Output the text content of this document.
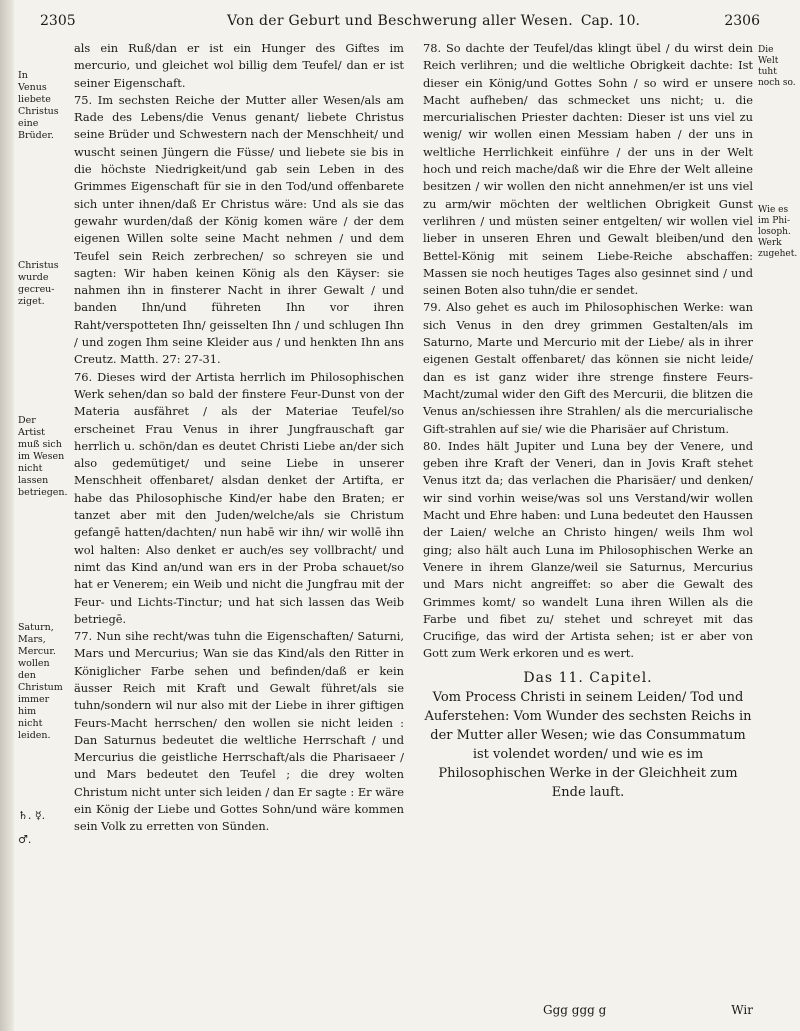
2305	Von der Geburt und Beschwerung aller Wesen. Cap. 10.	2306
In
Venus
liebete
Christus
eine
Brüder.
Christus
wurde
gecreu-
ziget.
Der
Artist
muß sich
im Wesen
nicht
lassen
betriegen.
Saturn,
Mars,
Mercur.
wollen
den
Christum
immer
him
nicht
leiden.
♄. ☿.

♂.
Die
Welt
tuht
noch so.
Wie es
im Phi-
losoph.
Werk
zugehet.

als ein Ruß/dan er ist ein Hunger des Giftes im mercurio, und gleichet wol billig dem Teufel/ dan er ist seiner Eigenschaft.

75. Im sechsten Reiche der Mutter aller Wesen/als am Rade des Lebens/die Venus genant/ liebete Christus seine Brüder und Schwestern nach der Menschheit/ und wuscht seinen Jüngern die Füsse/ und liebete sie bis in die höchste Niedrigkeit/und gab sein Leben in des Grimmes Eigenschaft für sie in den Tod/und offenbarete sich unter ihnen/daß Er Christus wäre: Und als sie das gewahr wurden/daß der König komen wäre / der dem eigenen Willen solte seine Macht nehmen / und dem Teufel sein Reich zerbrechen/ so schreyen sie und sagten: Wir haben keinen König als den Käyser: sie nahmen ihn in finsterer Nacht in ihrer Gewalt / und banden Ihn/und führeten Ihn vor ihren Raht/verspotteten Ihn/ geisselten Ihn / und schlugen Ihn / und zogen Ihm seine Kleider aus / und henkten Ihn ans Creutz. Matth. 27: 27-31.

76. Dieses wird der Artista herrlich im Philosophischen Werk sehen/dan so bald der finstere Feur-Dunst von der Materia ausfähret / als der Materiae Teufel/so erscheinet Frau Venus in ihrer Jungfrauschaft gar herrlich u. schön/dan es deutet Christi Liebe an/der sich also gedemütiget/ und seine Liebe in unserer Menschheit offenbaret/ alsdan denket der Artifta, er habe das Philosophische Kind/er habe den Braten; er tanzet aber mit den Juden/welche/als sie Christum gefangē hatten/dachten/ nun habē wir ihn/ wir wollē ihn wol halten: Also denket er auch/es sey vollbracht/ und nimt das Kind an/und wan ers in der Proba schauet/so hat er Venerem; ein Weib und nicht die Jungfrau mit der Feur- und Lichts-Tinctur; und hat sich lassen das Weib betriegē.

77. Nun sihe recht/was tuhn die Eigenschaften/ Saturni, Mars und Mercurius; Wan sie das Kind/als den Ritter in Königlicher Farbe sehen und befinden/daß er kein äusser Reich mit Kraft und Gewalt führet/als sie tuhn/sondern wil nur also mit der Liebe in ihrer giftigen Feurs-Macht herrschen/ den wollen sie nicht leiden : Dan Saturnus bedeutet die weltliche Herrschaft / und Mercurius die geistliche Herrschaft/als die Pharisaeer / und Mars bedeutet den Teufel ; die drey wolten Christum nicht unter sich leiden / dan Er sagte : Er wäre ein König der Liebe und Gottes Sohn/und wäre kommen sein Volk zu erretten von Sünden.

78. So dachte der Teufel/das klingt übel / du wirst dein Reich verlihren; und die weltliche Obrigkeit dachte: Ist dieser ein König/und Gottes Sohn / so wird er unsere Macht aufheben/ das schmecket uns nicht; u. die mercurialischen Priester dachten: Dieser ist uns viel zu wenig/ wir wollen einen Messiam haben / der uns in weltliche Herrlichkeit einführe / der uns in der Welt hoch und reich mache/daß wir die Ehre der Welt alleine besitzen / wir wollen den nicht annehmen/er ist uns viel zu arm/wir möchten der weltlichen Obrigkeit Gunst verlihren / und müsten seiner entgelten/ wir wollen viel lieber in unseren Ehren und Gewalt bleiben/und den Bettel-König mit seinem Liebe-Reiche abschaffen: Massen sie noch heutiges Tages also gesinnet sind / und seinen Boten also tuhn/die er sendet.

79. Also gehet es auch im Philosophischen Werke: wan sich Venus in den drey grimmen Gestalten/als im Saturno, Marte und Mercurio mit der Liebe/ als in ihrer eigenen Gestalt offenbaret/ das können sie nicht leide/ dan es ist ganz wider ihre strenge finstere Feurs-Macht/zumal wider den Gift des Mercurii, die blitzen die Venus an/schiessen ihre Strahlen/ als die mercurialische Gift-strahlen auf sie/ wie die Pharisäer auf Christum.

80. Indes hält Jupiter und Luna bey der Venere, und geben ihre Kraft der Veneri, dan in Jovis Kraft stehet Venus itzt da; das verlachen die Pharisäer/ und denken/ wir sind vorhin weise/was sol uns Verstand/wir wollen Macht und Ehre haben: und Luna bedeutet den Haussen der Laien/ welche an Christo hingen/ weils Ihm wol ging; also hält auch Luna im Philosophischen Werke an Venere in ihrem Glanze/weil sie Saturnus, Mercurius und Mars nicht angreiffet: so aber die Gewalt des Grimmes komt/ so wandelt Luna ihren Willen als die Farbe und fibet zu/ stehet und schreyet mit das Crucifige, das wird der Artista sehen; ist er aber von Gott zum Werk erkoren und es wert.

Das 11. Capitel.
Vom Process Christi in seinem Leiden/ Tod und Auferstehen: Vom Wunder des sechsten Reichs in der Mutter aller Wesen; wie das Consummatum ist volendet worden/ und wie es im Philosophischen Werke in der Gleichheit zum Ende lauft.
Ggg ggg g	Wir
